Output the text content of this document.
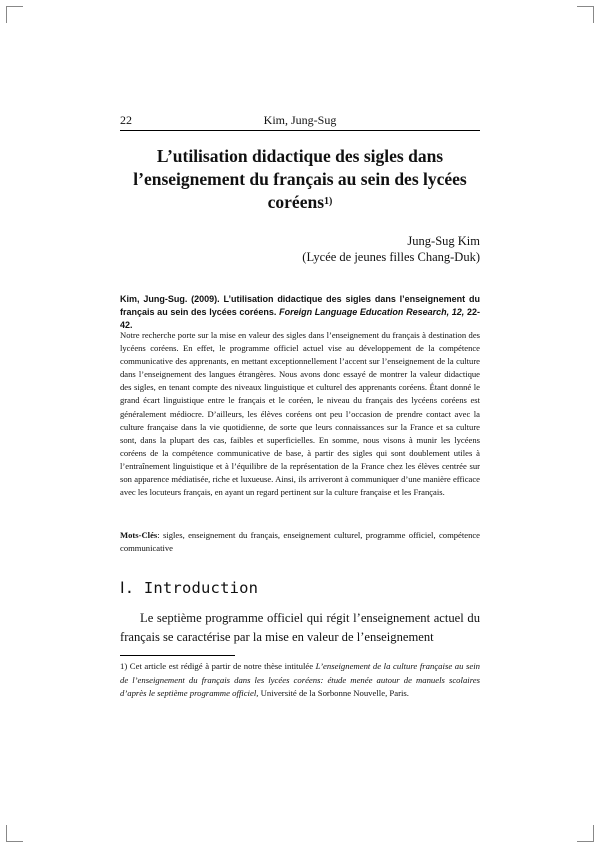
22	Kim, Jung-Sug
L’utilisation didactique des sigles dans l’enseignement du français au sein des lycées coréens$^{1)}$
Jung-Sug Kim
(Lycée de jeunes filles Chang-Duk)
Kim, Jung-Sug. (2009). L’utilisation didactique des sigles dans l’enseignement du français au sein des lycées coréens. Foreign Language Education Research, 12, 22-42.
Notre recherche porte sur la mise en valeur des sigles dans l’enseignement du français à destination des lycéens coréens. En effet, le programme officiel actuel vise au développement de la compétence communicative des apprenants, en mettant exceptionnellement l’accent sur l’enseignement de la culture dans l’enseignement des langues étrangères. Nous avons donc essayé de montrer la valeur didactique des sigles, en tenant compte des niveaux linguistique et culturel des apprenants coréens. Étant donné le grand écart linguistique entre le français et le coréen, le niveau du français des lycéens coréens est généralement médiocre. D’ailleurs, les élèves coréens ont peu l’occasion de prendre contact avec la culture française dans la vie quotidienne, de sorte que leurs connaissances sur la France et sa culture sont, dans la plupart des cas, faibles et superficielles. En somme, nous visons à munir les lycéens coréens de la compétence communicative de base, à partir des sigles qui sont doublement utiles à l’entraînement linguistique et à l’équilibre de la représentation de la France chez les élèves centrée sur son apparence médiatisée, riche et luxueuse. Ainsi, ils arriveront à communiquer d’une manière efficace avec les locuteurs français, en ayant un regard pertinent sur la culture française et les Français.
Mots-Clés: sigles, enseignement du français, enseignement culturel, programme officiel, compétence communicative
Ⅰ. Introduction
Le septième programme officiel qui régit l’enseignement actuel du français se caractérise par la mise en valeur de l’enseignement
1) Cet article est rédigé à partir de notre thèse intitulée L’enseignement de la culture française au sein de l’enseignement du français dans les lycées coréens: étude menée autour de manuels scolaires d’après le septième programme officiel, Université de la Sorbonne Nouvelle, Paris.
